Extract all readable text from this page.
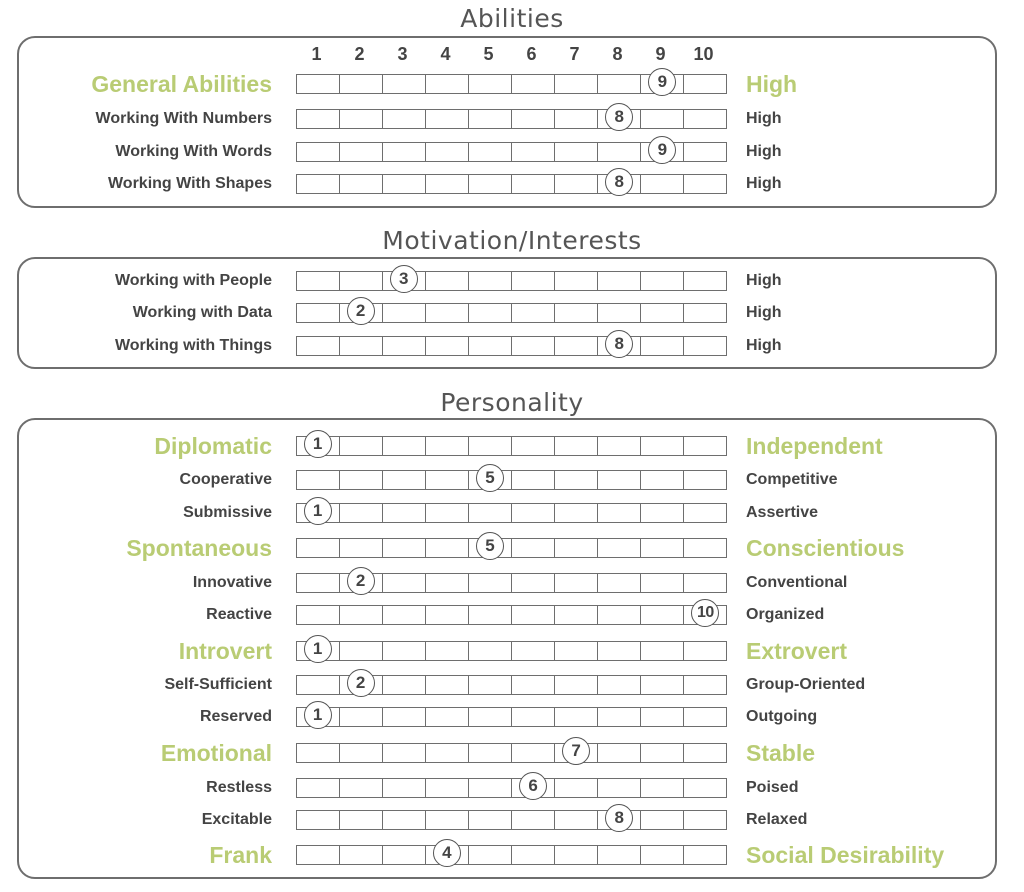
Abilities
Motivation/Interests
Personality
1	2	3	4	5	6	7	8	9	10
General Abilities	9	High
Working With Numbers	8	High
Working With Words	9	High
Working With Shapes	8	High
Working with People	3	High
Working with Data	2	High
Working with Things	8	High
Diplomatic	1	Independent
Cooperative	5	Competitive
Submissive	1	Assertive
Spontaneous	5	Conscientious
Innovative	2	Conventional
Reactive	10	Organized
Introvert	1	Extrovert
Self-Sufficient	2	Group-Oriented
Reserved	1	Outgoing
Emotional	7	Stable
Restless	6	Poised
Excitable	8	Relaxed
Frank	4	Social Desirability
